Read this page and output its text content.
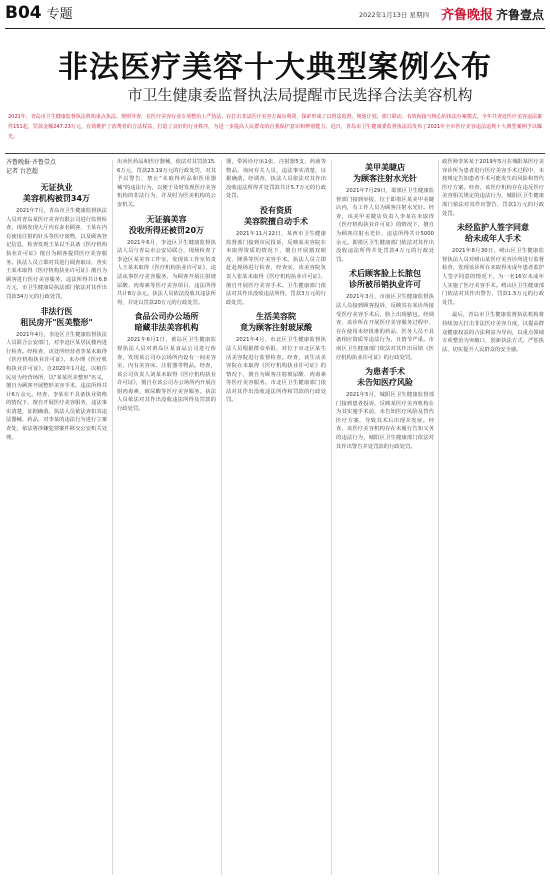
B04 专题	2022年1月13日 星期四 齐鲁晚报 齐鲁壹点
非法医疗美容十大典型案例公布
市卫生健康委监督执法局提醒市民选择合法美容机构
2021年，青岛市卫生健康监督执法机构重点执法、规则导查，在医疗美容行业专项整治上严执法，在打击非法医疗美容方面亮利剑，探索形成了以督法监督、规划计划、部门联动、有效衔接与核心的执法办案模式，全年共查处医疗美容违法案件151起，罚款金额247.23万元，有效维护了消费者的合法权益，打造了良好的行业秩序。为进一步提高人民群众的自我保护意识和辨别能力，近日，青岛市卫生健康委监督执法局发布了2021年全市医疗美容违法违规十大典型案例予以曝光。
齐鲁晚报·齐鲁壹点
记者 台芭超
无证执业
美容机构被罚34万

2021年7月，青岛市卫生健康监督执法人员对青岛某医疗美容有限公司进行监督检查，现场发现大厅内有多名顾客，王某在内有使用注射的针头等医疗废物，以及顾客登记信息，检查发现王某以不具备《医疗机构执业许可证》擅自为顾客提供医疗美容服务。执法人员立即对其进行调查取证，查实王某未取得《医疗机构执业许可证》擅自为顾客进行医疗美容服务，违法所得共计6.8万元，市卫生健康局执法部门依法对其作出罚款34万元的行政处罚。

非法行医
租民房开"医美整形"

2021年4月，李沧区卫生健康监督执法人员联合公安部门，对李沧区某居民楼内进行检查。经检查，该处所经营者李某未取得《医疗机构执业许可证》，未办理《医疗机构执业许可证》，自2020年1月起，以租住民房为经营场所，以"某某医美整形"名义，擅自为顾客开展整形美容手术，违法所得共计6万余元。经查，李某在不具备执业资格的情况下，擅自开展医疗美容服务，违法事实清楚，证据确凿。执法人员依法查扣其违法器械、药品，对李某的违法行为进行立案查处，依法将涉嫌犯罪案件移交公安机关处理。

出卖医药品和医疗器械，依法对其罚款15.6万元，罚款23.19万元的行政处罚，对其予以警告，禁止"未取得药品和医用器械"的违法行为，以便于及时发现医疗美容机构的非法行为，并及时为医美机构的公安机关。

无证搞美容
没收所得还被罚20万

2021年6月，李沧区卫生健康监督执法人员与青岛市公安局联合，现场检查了李沧区某美容工作室，发现该工作室负责人王某未取得《医疗机构执业许可证》，违法从事医疗美容服务，为顾客开展注射玻尿酸、肉毒素等医疗美容项目，违法所得共计8万余元。执法人员依法没收其违法所得，并处以罚款20万元的行政处罚。

食品公司办公场所
暗藏非法美容机构

2021年6月1日，黄岛区卫生健康监督执法人员对黄岛区某食品公司进行检查，发现该公司办公场所内设有一间美容室，内有美容床、注射器等物品。经查，该公司负责人刘某未取得《医疗机构执业许可证》，擅自在该公司办公场所内开展注射肉毒素、玻尿酸等医疗美容服务。执法人员依法对其作出没收违法所得及罚款的行政处罚。

器，带回诊疗床1张、注射器5支、药液等物品，询问有关人员，违法事实清楚，证据确凿。经调查，执法人员依法对其作出没收违法所得并处罚款共计5.7万元的行政处罚。

没有资质
美容院擅自动手术

2021年11月22日，某西市卫生健康监督部门接到市民投诉，反映某美容院在未取得资质的情况下，擅自开展割双眼皮、隆鼻等医疗美容手术。执法人员立即赶赴现场进行检查，经查实，该美容院负责人张某未取得《医疗机构执业许可证》，擅自开展医疗美容手术。卫生健康部门依法对其作出没收违法所得，罚款3万元的行政处罚。

生活美容院
竟为顾客注射玻尿酸

2021年4月，市北区卫生健康监督执法人员根据群众举报，对位于市北区某生活美容院进行监督检查。经查，该生活美容院在未取得《医疗机构执业许可证》的情况下，擅自为顾客注射玻尿酸、肉毒素等医疗美容服务。市北区卫生健康部门依法对其作出没收违法所得和罚款的行政处罚。

美甲美睫店
为顾客注射水光针

2021年7月29日，即墨区卫生健康监督部门接到举报，位于即墨区某美甲美睫店内，有工作人员为顾客注射水光针。经查，该美甲美睫店负责人李某在未取得《医疗机构执业许可证》的情况下，擅自为顾客注射水光针，违法所得共计5000余元。即墨区卫生健康部门依法对其作出没收违法所得并处罚款4万元的行政处罚。

术后顾客脸上长脓包
诊所被吊销执业许可

2021年3月，市南区卫生健康监督执法人员接到顾客投诉，反映其在某诊所接受医疗美容手术后，脸上出现脓包。经调查，该诊所在开展医疗美容服务过程中，存在使用未经批准的药品、医务人员不具备相应资质等违法行为，且情节严重。市南区卫生健康部门依法对其作出吊销《医疗机构执业许可证》的行政处罚。

为患者手术
未告知医疗风险

2021年5月，城阳区卫生健康监督部门接到患者投诉，反映某医疗美容机构在为其实施手术前，未告知医疗风险及替代医疗方案，导致其术后出现并发症。经查，该医疗美容机构存在未履行告知义务的违法行为，城阳区卫生健康部门依法对其作出警告并处罚款的行政处罚。

政医师李某某于2019年5月在城阳某医疗美容诊所为患者进行医疗美容手术过程中，未按规定告知患者手术可能发生的风险和替代医疗方案。经查，该医疗机构存在违反医疗美容相关规定的违法行为，城阳区卫生健康部门依法对其作出警告、罚款1万元的行政处罚。

未经监护人签字同意
给未成年人手术

2021年8月30日，崂山区卫生健康监督执法人员对崂山某医疗美容诊所进行监督检查，发现该诊所在未取得未成年患者监护人签字同意的情况下，为一名16岁未成年人实施了医疗美容手术。崂山区卫生健康部门依法对其作出警告、罚款1.5万元的行政处罚。

最后，青岛市卫生健康监督执法机构将持续加大打击非法医疗美容力度，以提高群众健康权益的合法利益为导向，以重点领域专项整治为突破口，创新执法方式，严惩执法，切实提升人民群众的安全感。
